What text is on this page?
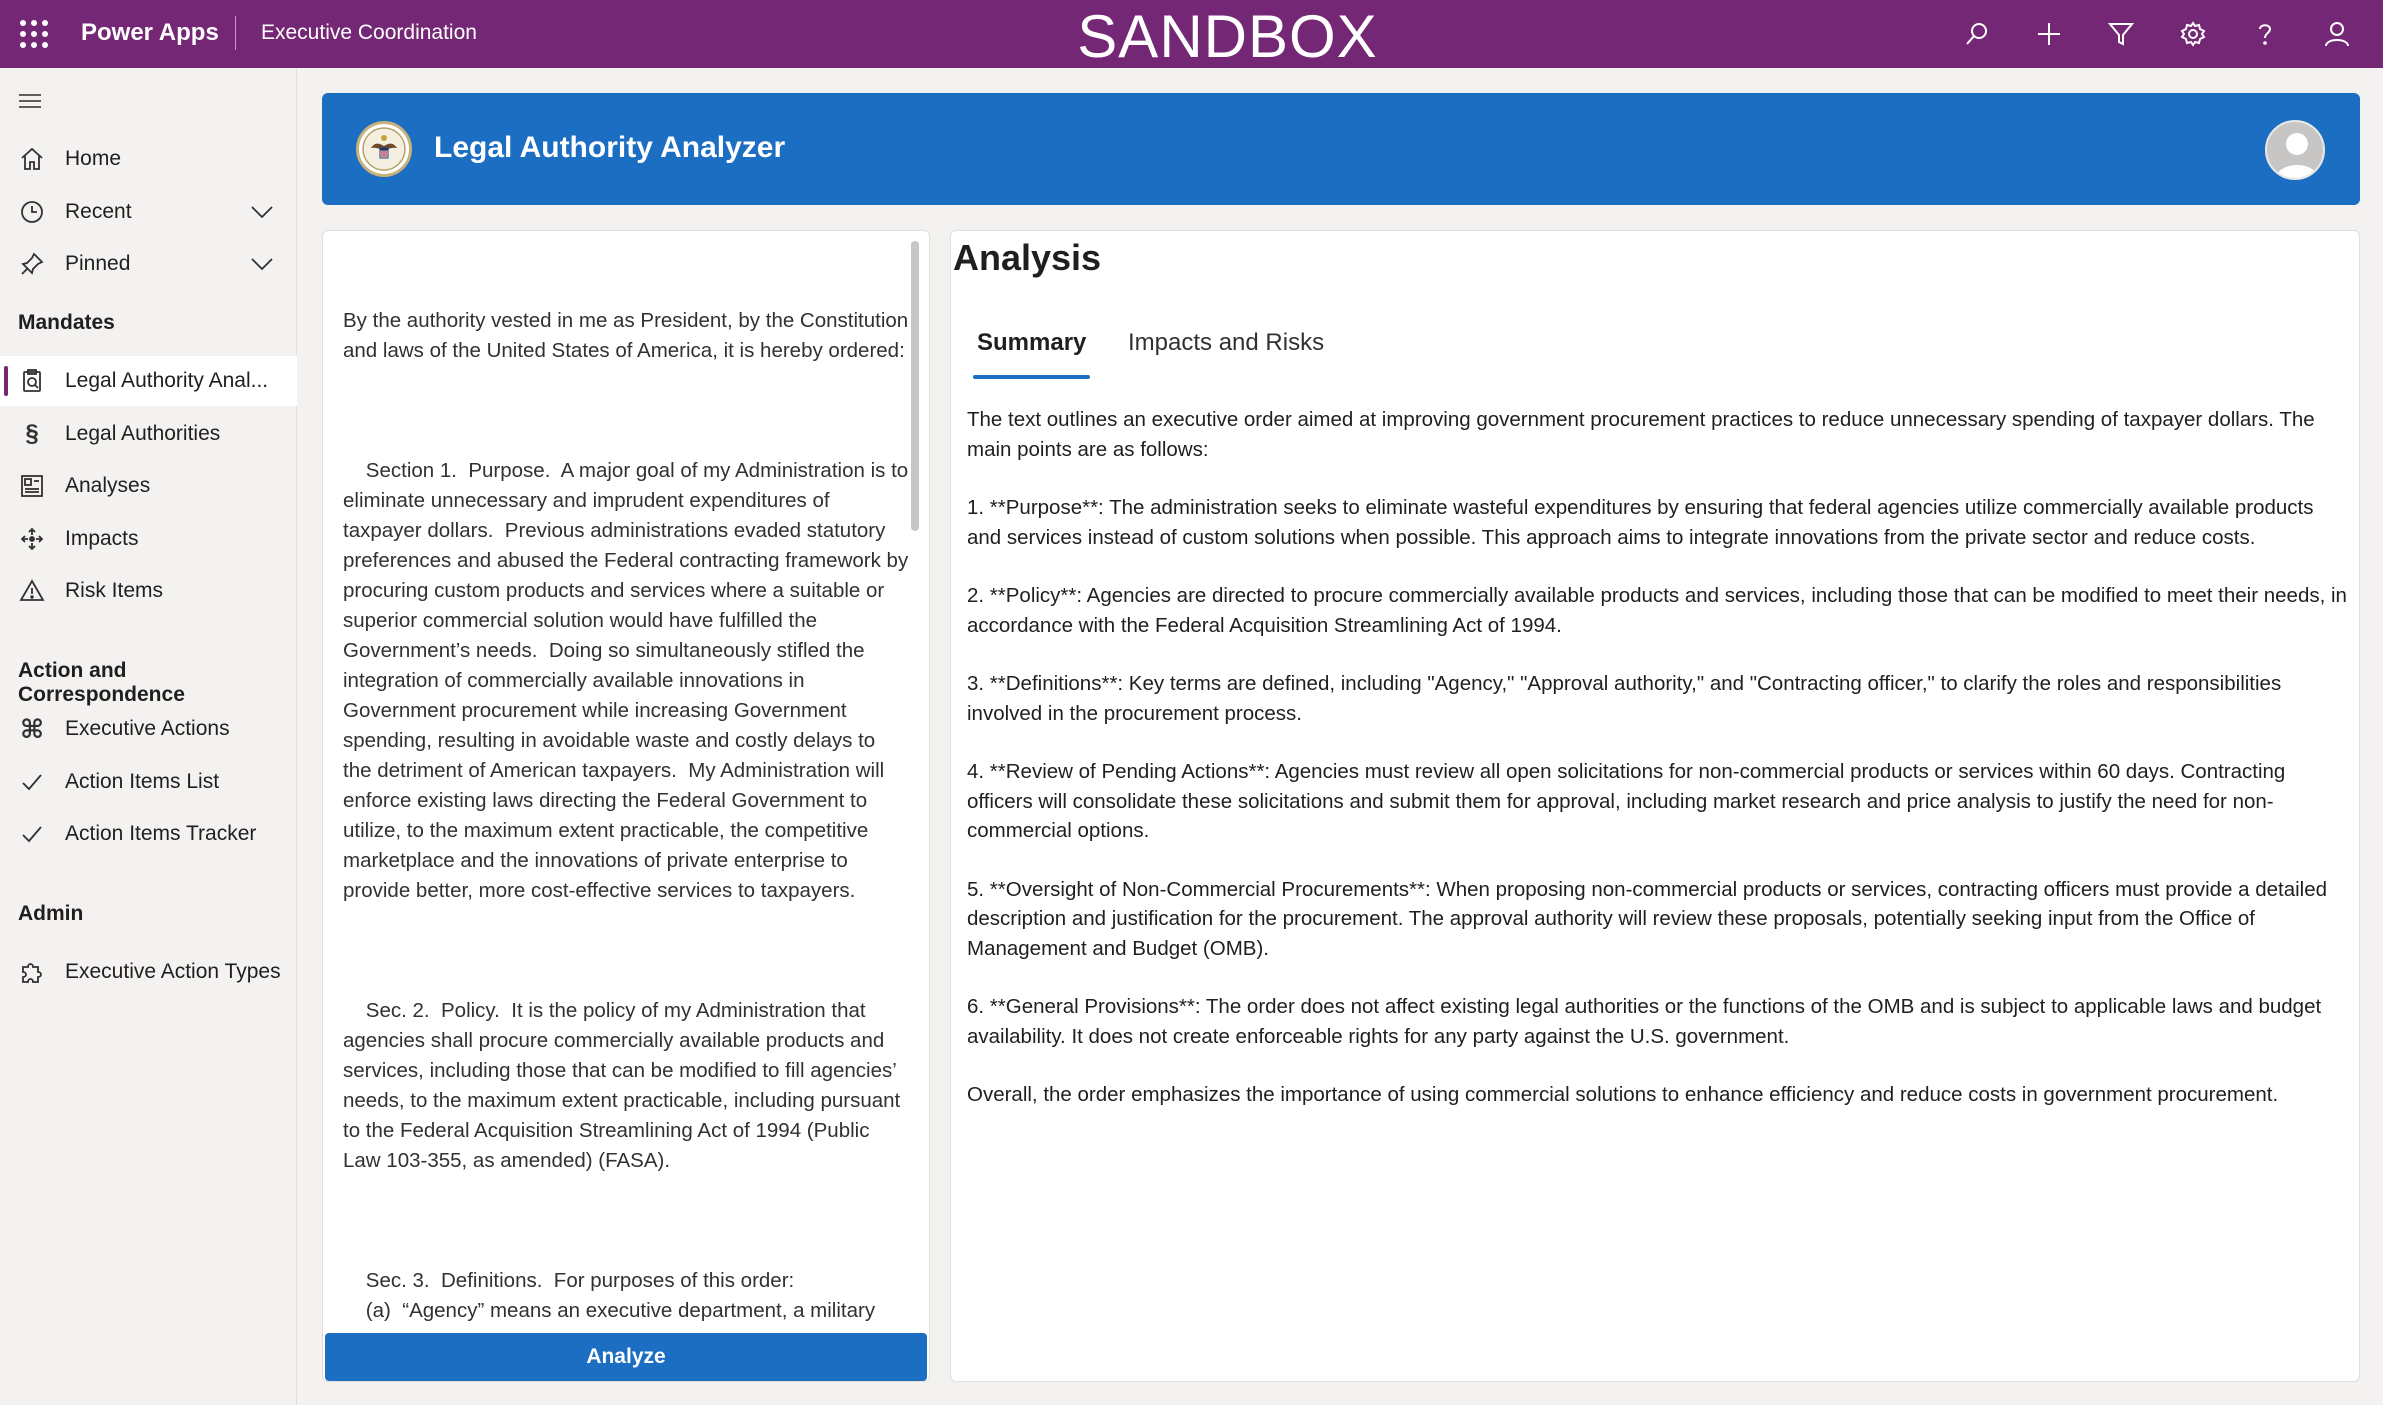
Power Apps Executive Coordination	SANDBOX
Home
Recent
Pinned
Mandates
Legal Authority Anal...
§	Legal Authorities
Analyses
Impacts
Risk Items
Action and Correspondence
⌘ Executive Actions
Action Items List
Action Items Tracker
Admin
Executive Action Types
Legal Authority Analyzer

By the authority vested in me as President, by the Constitution and laws of the United States of America, it is hereby ordered:

Section 1.  Purpose.  A major goal of my Administration is to eliminate unnecessary and imprudent expenditures of taxpayer dollars.  Previous administrations evaded statutory preferences and abused the Federal contracting framework by procuring custom products and services where a suitable or superior commercial solution would have fulfilled the Government’s needs.  Doing so simultaneously stifled the integration of commercially available innovations in Government procurement while increasing Government spending, resulting in avoidable waste and costly delays to the detriment of American taxpayers.  My Administration will enforce existing laws directing the Federal Government to utilize, to the maximum extent practicable, the competitive marketplace and the innovations of private enterprise to provide better, more cost-effective services to taxpayers.

Sec. 2.  Policy.  It is the policy of my Administration that agencies shall procure commercially available products and services, including those that can be modified to fill agencies’ needs, to the maximum extent practicable, including pursuant to the Federal Acquisition Streamlining Act of 1994 (Public Law 103-355, as amended) (FASA).

Sec. 3.  Definitions.  For purposes of this order:
(a)  “Agency” means an executive department, a military

Analyze
Analysis
Summary Impacts and Risks

The text outlines an executive order aimed at improving government procurement practices to reduce unnecessary spending of taxpayer dollars. The main points are as follows:

1. **Purpose**: The administration seeks to eliminate wasteful expenditures by ensuring that federal agencies utilize commercially available products and services instead of custom solutions when possible. This approach aims to integrate innovations from the private sector and reduce costs.

2. **Policy**: Agencies are directed to procure commercially available products and services, including those that can be modified to meet their needs, in accordance with the Federal Acquisition Streamlining Act of 1994.

3. **Definitions**: Key terms are defined, including "Agency," "Approval authority," and "Contracting officer," to clarify the roles and responsibilities involved in the procurement process.

4. **Review of Pending Actions**: Agencies must review all open solicitations for non-commercial products or services within 60 days. Contracting officers will consolidate these solicitations and submit them for approval, including market research and price analysis to justify the need for non-commercial options.

5. **Oversight of Non-Commercial Procurements**: When proposing non-commercial products or services, contracting officers must provide a detailed description and justification for the procurement. The approval authority will review these proposals, potentially seeking input from the Office of Management and Budget (OMB).

6. **General Provisions**: The order does not affect existing legal authorities or the functions of the OMB and is subject to applicable laws and budget availability. It does not create enforceable rights for any party against the U.S. government.

Overall, the order emphasizes the importance of using commercial solutions to enhance efficiency and reduce costs in government procurement.
